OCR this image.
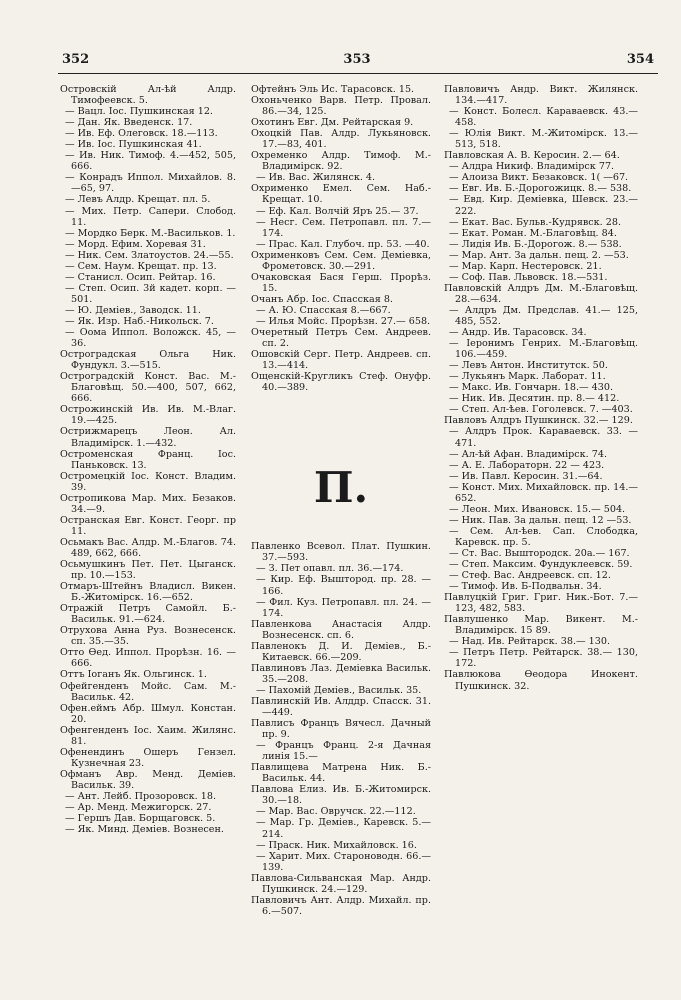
352	353	354

Островскій Ал-ѣй Алдр. Тимофеевск. 5.

— Вацл. Іос. Пушкинская 12.

— Дан. Як. Введенск. 17.

— Ив. Еф. Олеговск. 18.—113.

— Ив. Іос. Пушкинская 41.

— Ив. Ник. Тимоф. 4.—452, 505, 666.

— Конрадъ Иппол. Михайлов. 8.—65, 97.

— Левъ Алдр. Крещат. пл. 5.

— Мих. Петр. Сапери. Слобод. 11.

— Мордко Берк. М.-Васильков. 1.

— Морд. Ефим. Хоревая 31.

— Ник. Сем. Златоустов. 24.—55.

— Сем. Наум. Крещат. пр. 13.

— Станисл. Осип. Рейтар. 16.

— Степ. Осип. 3й кадет. корп. —501.

— Ю. Деміев., Заводск. 11.

— Як. Изр. Наб.-Никольск. 7.

— Оома Иппол. Воложск. 45, —36.

Остроградская Ольга Ник. Фундукл. 3.—515.

Остроградскій Конст. Вас. М.-Благовѣщ. 50.—400, 507, 662, 666.

Острожинскій Ив. Ив. М.-Влаг. 19.—425.

Острижмарецъ Леон. Ал. Владимірск. 1.—432.

Остроменская Франц. Іос. Паньковск. 13.

Остромецкій Іос. Конст. Владим. 39.

Остропикова Мар. Мих. Безаков. 34.—9.

Остранская Евг. Конст. Георг. пр 11.

Осьмакъ Вас. Алдр. М.-Благов. 74. 489, 662, 666.

Осьмушкинъ Пет. Пет. Цыганск. пр. 10.—153.

Отмаръ-Штейнъ Владисл. Викен. Б.-Житомірск. 16.—652.

Отражій Петръ Самойл. Б.-Васильк. 91.—624.

Отрухова Анна Руз. Вознесенск. сп. 35.—35.

Отто Өед. Иппол. Прорѣзн. 16. —666.

Оттъ Іоганъ Як. Ольгинск. 1.

Офейгенденъ Мойс. Сам. М.-Васильк. 42.

Офен.еймъ Абр. Шмул. Констан. 20.

Офенгенденъ Іос. Хаим. Жилянс. 81.

Офенендинъ Ошеръ Гензел. Кузнечная 23.

Офманъ Авр. Менд. Деміев. Васильк. 39.

— Ант. Лейб. Прозоровск. 18.

— Ар. Менд. Межигорск. 27.

— Гершъ Дав. Борщаговск. 5.

— Як. Минд. Деміев. Вознесен.

Офтейнъ Эль Ис. Тарасовск. 15.

Охоньченко Варв. Петр. Провал. 86.—34, 125.

Охотинъ Евг. Дм. Рейтарская 9.

Охоцкій Пав. Алдр. Лукьяновск. 17.—83, 401.

Охременко Алдр. Тимоф. М.-Владимірск. 92.

— Ив. Вас. Жилянск. 4.

Охрименко Емел. Сем. Наб.-Крещат. 10.

— Еф. Кал. Волчій Яръ 25.— 37.

— Несг. Сем. Петропавл. пл. 7.—174.

— Прас. Кал. Глубоч. пр. 53. —40.

Охрименковъ Сем. Сем. Деміевка, Фрометовск. 30.—291.

Очаковская Бася Герш. Прорѣз. 15.

Очанъ Абр. Іос. Спасская 8.

— А. Ю. Спасская 8.—667.

— Илья Мойс. Прорѣзн. 27.— 658.

Очеретный Петръ Сем. Андреев. сп. 2.

Ошовскій Серг. Петр. Андреев. сп. 13.—414.

Ощенскій-Кругликъ Стеф. Онуфр. 40.—389.

П.

Павленко Всевол. Плат. Пушкин. 37.—593.

— З. Пет опавл. пл. 36.—174.

— Кир. Еф. Выштород. пр. 28. —166.

— Фил. Куз. Петропавл. пл. 24. —174.

Павленкова Анастасія Алдр. Вознесенск. сп. 6.

Павленокъ Д. И. Деміев., Б.-Китаевск. 66.—209.

Павлиновъ Лаз. Деміевка Васильк. 35.—208.

— Пахомій Деміев., Васильк. 35.

Павлинскій Ив. Алддр. Спасск. 31.—449.

Павлисъ Францъ Вячесл. Дачный пр. 9.

— Францъ Франц. 2-я Дачная линія 15.—

Павлищева Матрена Ник. Б.-Васильк. 44.

Павлова Елиз. Ив. Б.-Житомирск. 30.—18.

— Мар. Вас. Овручск. 22.—112.

— Мар. Гр. Деміев., Каревск. 5.—214.

— Праск. Ник. Михайловск. 16.

— Харит. Мих. Староноводн. 66.—139.

Павлова-Сильванская Мар. Андр. Пушкинск. 24.—129.

Павловичъ Ант. Алдр. Михайл. пр. 6.—507.

Павловичъ Андр. Викт. Жилянск. 134.—417.

— Конст. Болесл. Караваевск. 43.—458.

— Юлія Викт. М.-Житомірск. 13.—513, 518.

Павловская А. В. Керосин. 2.— 64.

— Алдра Никиф. Владимірск 77.

— Алоиза Викт. Безаковск. 1( —67.

— Евг. Ив. Б.-Дорогожицк. 8.— 538.

— Евд. Кир. Деміевка, Шевск. 23.—222.

— Екат. Вас. Бульв.-Кудрявск. 28.

— Екат. Роман. М.-Благовѣщ. 84.

— Лидія Ив. Б.-Дорогож. 8.— 538.

— Мар. Ант. За дальн. пещ. 2. —53.

— Мар. Карп. Нестеровск. 21.

— Соф. Пав. Львовск. 18.—531.

Павловскій Алдръ Дм. М.-Благовѣщ. 28.—634.

— Алдръ Дм. Предслав. 41.— 125, 485, 552.

— Андр. Ив. Тарасовск. 34.

— Іеронимъ Генрих. М.-Благовѣщ. 106.—459.

— Левъ Антон. Институтск. 50.

— Лукьянъ Марк. Лаборат. 11.

— Макс. Ив. Гончарн. 18.— 430.

— Ник. Ив. Десятин. пр. 8.— 412.

— Степ. Ал-ѣев. Гоголевск. 7. —403.

Павловъ Алдръ Пушкинск. 32.— 129.

— Алдръ Прок. Караваевск. 33. —471.

— Ал-ѣй Афан. Владимірск. 74.

— А. Е. Лабораторн. 22 — 423.

— Ив. Павл. Керосин. 31.—64.

— Конст. Мих. Михайловск. пр. 14.—652.

— Леон. Мих. Ивановск. 15.— 504.

— Ник. Пав. За дальн. пещ. 12 —53.

— Сем. Ал-ѣев. Сап. Слободка, Каревск. пр. 5.

— Ст. Вас. Выштородск. 20а.— 167.

— Степ. Максим. Фундуклеевск. 59.

— Стеф. Вас. Андреевск. сп. 12.

— Тимоф. Ив. Б-Подвальн. 34.

Павлуцкій Григ. Григ. Ник.-Бот. 7.—123, 482, 583.

Павлушенко Мар. Викент. М.-Владимірск. 15 89.

— Над. Ив. Рейтарск. 38.— 130.

— Петръ Петр. Рейтарск. 38.— 130, 172.

Павлюкова Өеодора Инокент. Пушкинск. 32.
